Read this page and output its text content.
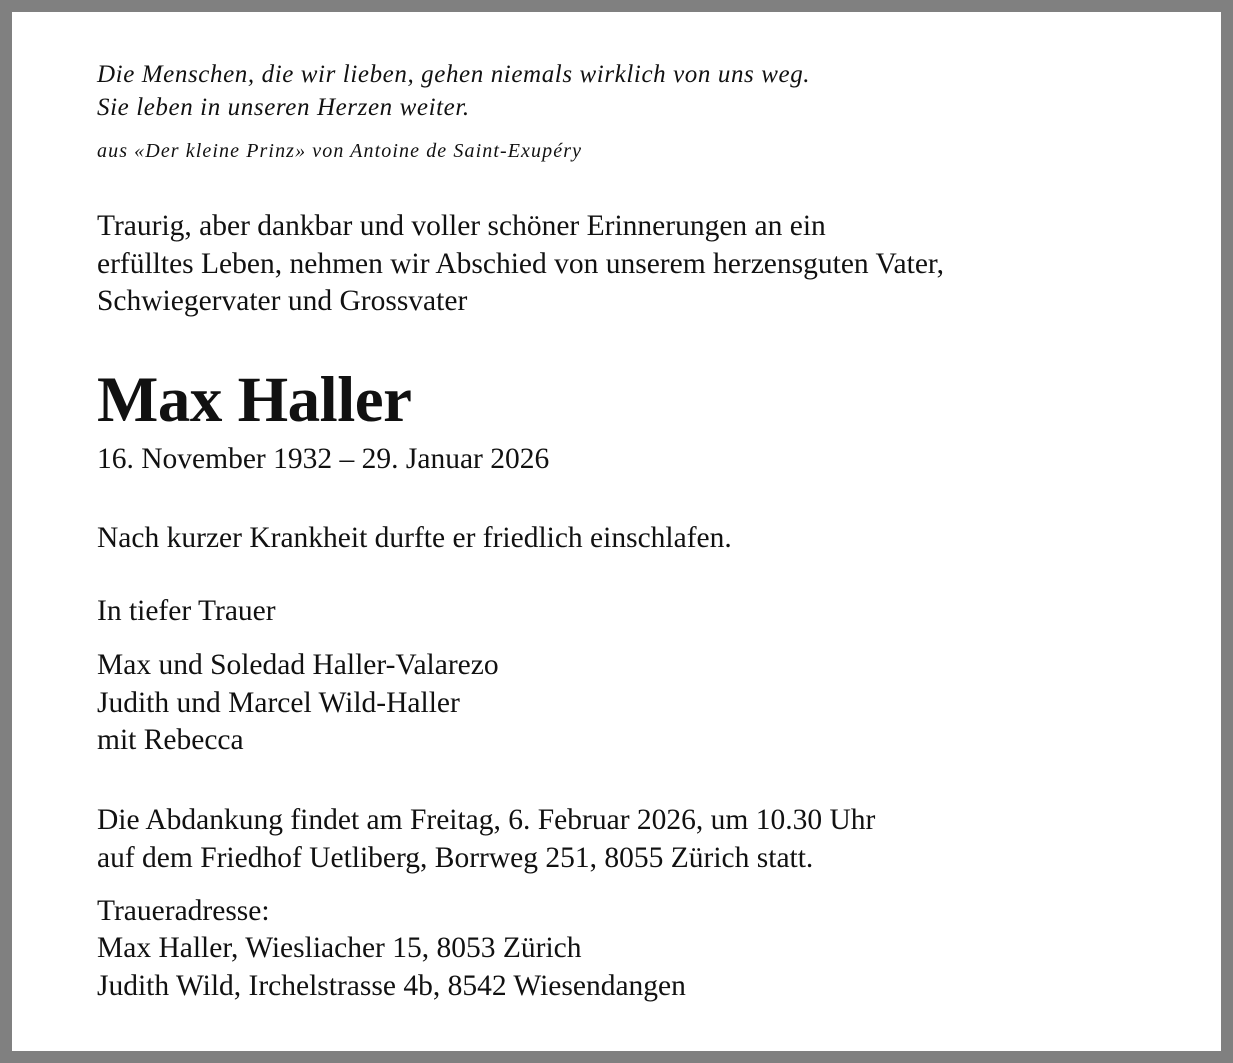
Die Menschen, die wir lieben, gehen niemals wirklich von uns weg.
Sie leben in unseren Herzen weiter.
aus «Der kleine Prinz» von Antoine de Saint-Exupéry
Traurig, aber dankbar und voller schöner Erinnerungen an ein
erfülltes Leben, nehmen wir Abschied von unserem herzensguten Vater,
Schwiegervater und Grossvater
Max Haller
16. November 1932 – 29. Januar 2026
Nach kurzer Krankheit durfte er friedlich einschlafen.
In tiefer Trauer
Max und Soledad Haller-Valarezo
Judith und Marcel Wild-Haller
mit Rebecca
Die Abdankung findet am Freitag, 6. Februar 2026, um 10.30 Uhr
auf dem Friedhof Uetliberg, Borrweg 251, 8055 Zürich statt.
Traueradresse:
Max Haller, Wiesliacher 15, 8053 Zürich
Judith Wild, Irchelstrasse 4b, 8542 Wiesendangen
